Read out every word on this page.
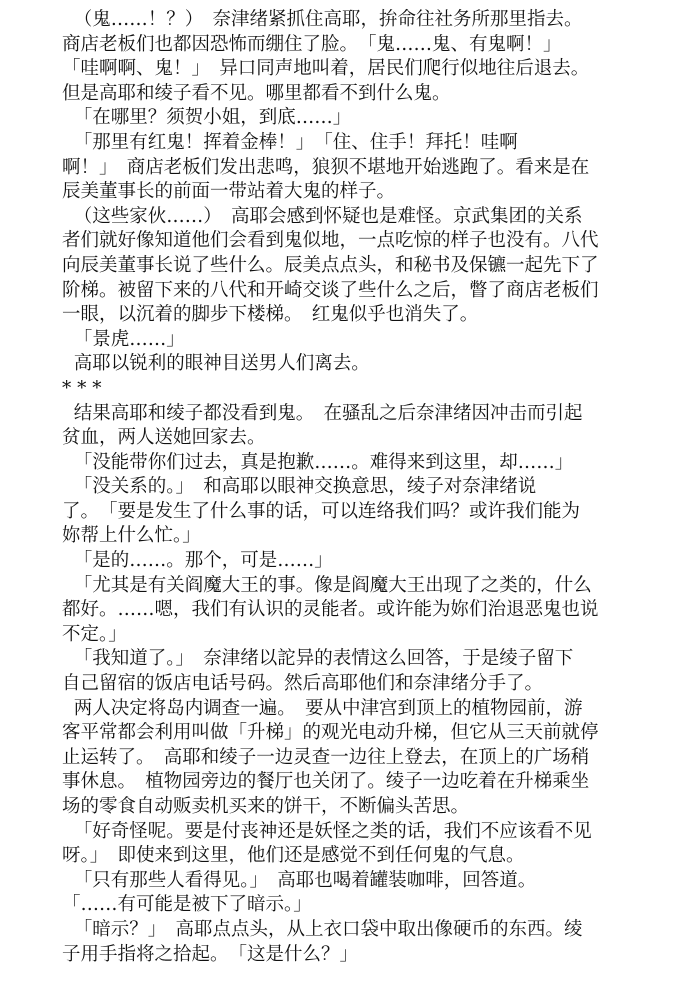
（鬼……！？）　奈津绪紧抓住高耶，拚命往社务所那里指去。
商店老板们也都因恐怖而绷住了脸。　「鬼……鬼、有鬼啊！」
「哇啊啊、鬼！」　异口同声地叫着，居民们爬行似地往后退去。
但是高耶和绫子看不见。哪里都看不到什么鬼。
「在哪里？须贺小姐，到底……」
「那里有红鬼！挥着金棒！」　「住、住手！拜托！哇啊
啊！」　商店老板们发出悲鸣，狼狈不堪地开始逃跑了。看来是在
辰美董事长的前面一带站着大鬼的样子。
（这些家伙……）　高耶会感到怀疑也是难怪。京武集团的关系
者们就好像知道他们会看到鬼似地，一点吃惊的样子也没有。八代
向辰美董事长说了些什么。辰美点点头，和秘书及保镳一起先下了
阶梯。被留下来的八代和开崎交谈了些什么之后，瞥了商店老板们
一眼，以沉着的脚步下楼梯。　红鬼似乎也消失了。
「景虎……」
高耶以锐利的眼神目送男人们离去。
* * *
结果高耶和绫子都没看到鬼。　在骚乱之后奈津绪因冲击而引起
贫血，两人送她回家去。
「没能带你们过去，真是抱歉……。难得来到这里，却……」
「没关系的。」　和高耶以眼神交换意思，绫子对奈津绪说
了。　「要是发生了什么事的话，可以连络我们吗？或许我们能为
妳帮上什么忙。」
「是的……。那个，可是……」
「尤其是有关阎魔大王的事。像是阎魔大王出现了之类的，什么
都好。……嗯，我们有认识的灵能者。或许能为妳们治退恶鬼也说
不定。」
「我知道了。」　奈津绪以詑异的表情这么回答，于是绫子留下
自己留宿的饭店电话号码。然后高耶他们和奈津绪分手了。
两人决定将岛内调查一遍。　要从中津宫到顶上的植物园前，游
客平常都会利用叫做「升梯」的观光电动升梯，但它从三天前就停
止运转了。　高耶和绫子一边灵查一边往上登去，在顶上的广场稍
事休息。　植物园旁边的餐厅也关闭了。绫子一边吃着在升梯乘坐
场的零食自动贩卖机买来的饼干，不断偏头苦思。
「好奇怪呢。要是付丧神还是妖怪之类的话，我们不应该看不见
呀。」　即使来到这里，他们还是感觉不到任何鬼的气息。
「只有那些人看得见。」　高耶也喝着罐装咖啡，回答道。
「……有可能是被下了暗示。」
「暗示？」　高耶点点头，从上衣口袋中取出像硬币的东西。绫
子用手指将之拾起。　「这是什么？」
